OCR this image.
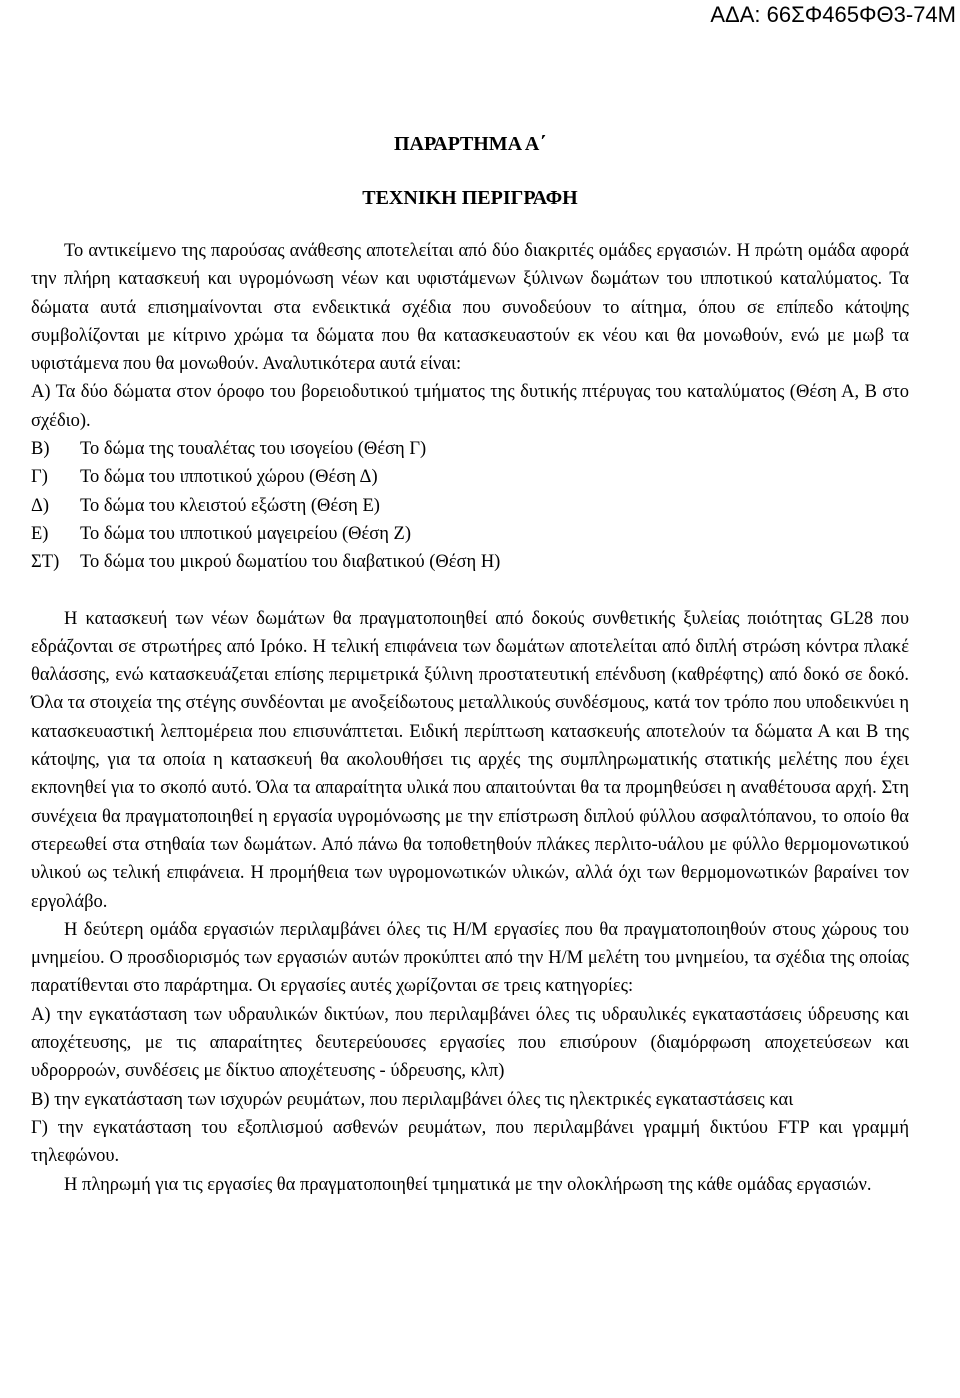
ΑΔΑ: 66ΣΦ465ΦΘ3-74Μ
ΠΑΡΑΡΤΗΜΑ Α΄
ΤΕΧΝΙΚΗ ΠΕΡΙΓΡΑΦΗ

Το αντικείμενο της παρούσας ανάθεσης αποτελείται από δύο διακριτές ομάδες εργασιών. Η πρώτη ομάδα αφορά την πλήρη κατασκευή και υγρομόνωση νέων και υφιστάμενων ξύλινων δωμάτων του ιπποτικού καταλύματος. Τα δώματα αυτά επισημαίνονται στα ενδεικτικά σχέδια που συνοδεύουν το αίτημα, όπου σε επίπεδο κάτοψης συμβολίζονται με κίτρινο χρώμα τα δώματα που θα κατασκευαστούν εκ νέου και θα μονωθούν, ενώ με μωβ τα υφιστάμενα που θα μονωθούν. Αναλυτικότερα αυτά είναι:

Α) Τα δύο δώματα στον όροφο του βορειοδυτικού τμήματος της δυτικής πτέρυγας του καταλύματος (Θέση Α, Β στο σχέδιο).

Β) Το δώμα της τουαλέτας του ισογείου (Θέση Γ)

Γ) Το δώμα του ιπποτικού χώρου (Θέση Δ)

Δ) Το δώμα του κλειστού εξώστη (Θέση Ε)

Ε) Το δώμα του ιπποτικού μαγειρείου (Θέση Ζ)

ΣΤ) Το δώμα του μικρού δωματίου του διαβατικού (Θέση Η)

Η κατασκευή των νέων δωμάτων θα πραγματοποιηθεί από δοκούς συνθετικής ξυλείας ποιότητας GL28 που εδράζονται σε στρωτήρες από Ιρόκο. Η τελική επιφάνεια των δωμάτων αποτελείται από διπλή στρώση κόντρα πλακέ θαλάσσης, ενώ κατασκευάζεται επίσης περιμετρικά ξύλινη προστατευτική επένδυση (καθρέφτης) από δοκό σε δοκό. Όλα τα στοιχεία της στέγης συνδέονται με ανοξείδωτους μεταλλικούς συνδέσμους, κατά τον τρόπο που υποδεικνύει η κατασκευαστική λεπτομέρεια που επισυνάπτεται. Ειδική περίπτωση κατασκευής αποτελούν τα δώματα Α και Β της κάτοψης, για τα οποία η κατασκευή θα ακολουθήσει τις αρχές της συμπληρωματικής στατικής μελέτης που έχει εκπονηθεί για το σκοπό αυτό. Όλα τα απαραίτητα υλικά που απαιτούνται θα τα προμηθεύσει η αναθέτουσα αρχή. Στη συνέχεια θα πραγματοποιηθεί η εργασία υγρομόνωσης με την επίστρωση διπλού φύλλου ασφαλτόπανου, το οποίο θα στερεωθεί στα στηθαία των δωμάτων. Από πάνω θα τοποθετηθούν πλάκες περλιτο-υάλου με φύλλο θερμομονωτικού υλικού ως τελική επιφάνεια. Η προμήθεια των υγρομονωτικών υλικών, αλλά όχι των θερμομονωτικών βαραίνει τον εργολάβο.

Η δεύτερη ομάδα εργασιών περιλαμβάνει όλες τις Η/Μ εργασίες που θα πραγματοποιηθούν στους χώρους του μνημείου. Ο προσδιορισμός των εργασιών αυτών προκύπτει από την Η/Μ μελέτη του μνημείου, τα σχέδια της οποίας παρατίθενται στο παράρτημα. Οι εργασίες αυτές χωρίζονται σε τρεις κατηγορίες:

Α) την εγκατάσταση των υδραυλικών δικτύων, που περιλαμβάνει όλες τις υδραυλικές εγκαταστάσεις ύδρευσης και αποχέτευσης, με τις απαραίτητες δευτερεύουσες εργασίες που επισύρουν (διαμόρφωση αποχετεύσεων και υδρορροών, συνδέσεις με δίκτυο αποχέτευσης - ύδρευσης, κλπ)

Β) την εγκατάσταση των ισχυρών ρευμάτων, που περιλαμβάνει όλες τις ηλεκτρικές εγκαταστάσεις και

Γ) την εγκατάσταση του εξοπλισμού ασθενών ρευμάτων, που περιλαμβάνει γραμμή δικτύου FTP και γραμμή τηλεφώνου.

Η πληρωμή για τις εργασίες θα πραγματοποιηθεί τμηματικά με την ολοκλήρωση της κάθε ομάδας εργασιών.
